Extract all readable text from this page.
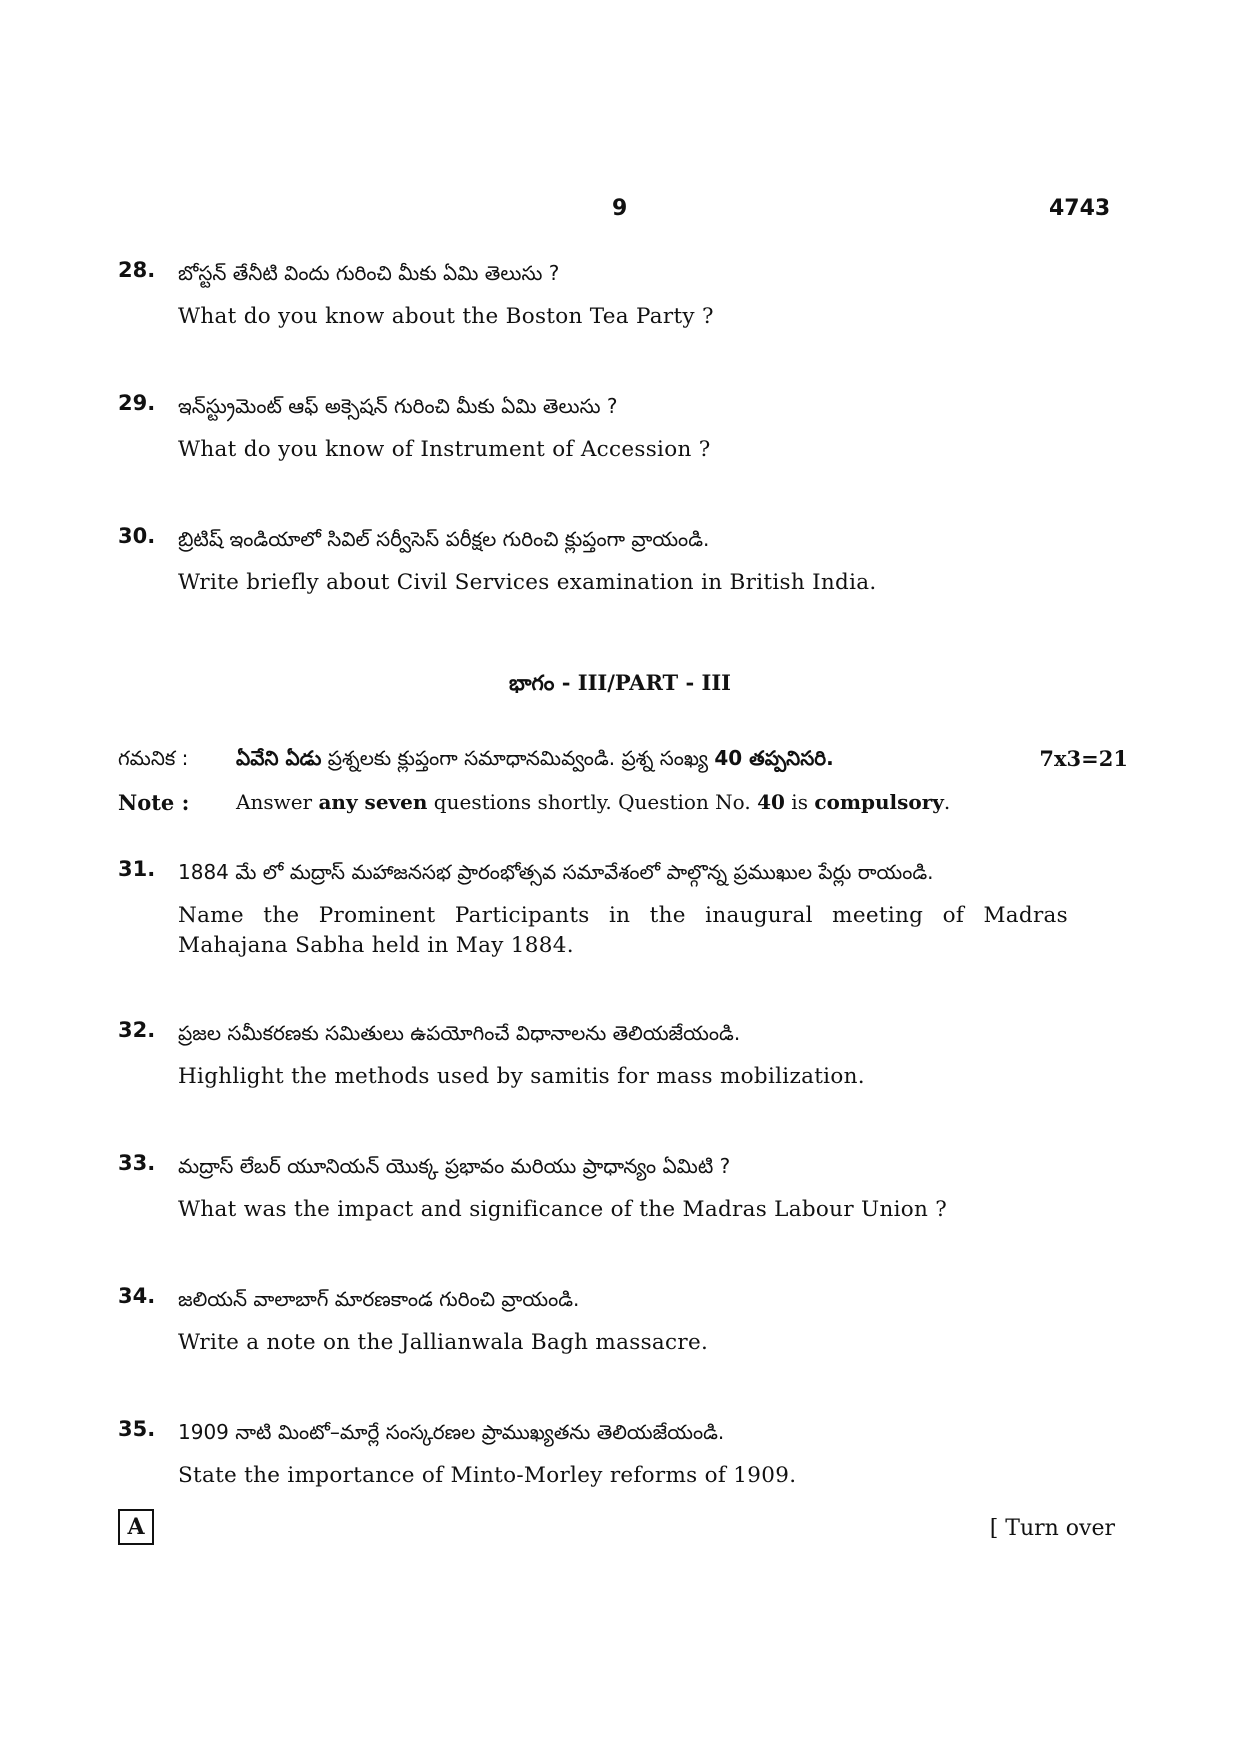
9	4743
28. బోస్టన్ తేనీటి విందు గురించి మీకు ఏమి తెలుసు ?
What do you know about the Boston Tea Party ?
29. ఇన్‌స్ట్రుమెంట్ ఆఫ్ అక్సెషన్ గురించి మీకు ఏమి తెలుసు ?
What do you know of Instrument of Accession ?
30. బ్రిటిష్ ఇండియాలో సివిల్ సర్వీసెస్ పరీక్షల గురించి క్లుప్తంగా వ్రాయండి.
Write briefly about Civil Services examination in British India.
భాగం - III/PART - III
గమనిక : ఏవేని ఏడు ప్రశ్నలకు క్లుప్తంగా సమాధానమివ్వండి. ప్రశ్న సంఖ్య 40 తప్పనిసరి.	7x3=21
Note : Answer any seven questions shortly. Question No. 40 is compulsory.
31. 1884 మే లో మద్రాస్ మహాజనసభ ప్రారంభోత్సవ సమావేశంలో పాల్గొన్న ప్రముఖుల పేర్లు రాయండి.
Name the Prominent Participants in the inaugural meeting of Madras Mahajana Sabha held in May 1884.
32. ప్రజల సమీకరణకు సమితులు ఉపయోగించే విధానాలను తెలియజేయండి.
Highlight the methods used by samitis for mass mobilization.
33. మద్రాస్ లేబర్ యూనియన్ యొక్క ప్రభావం మరియు ప్రాధాన్యం ఏమిటి ?
What was the impact and significance of the Madras Labour Union ?
34. జలియన్ వాలాబాగ్ మారణకాండ గురించి వ్రాయండి.
Write a note on the Jallianwala Bagh massacre.
35. 1909 నాటి మింటో–మార్లే సంస్కరణల ప్రాముఖ్యతను తెలియజేయండి.
State the importance of Minto-Morley reforms of 1909.
A	[ Turn over
